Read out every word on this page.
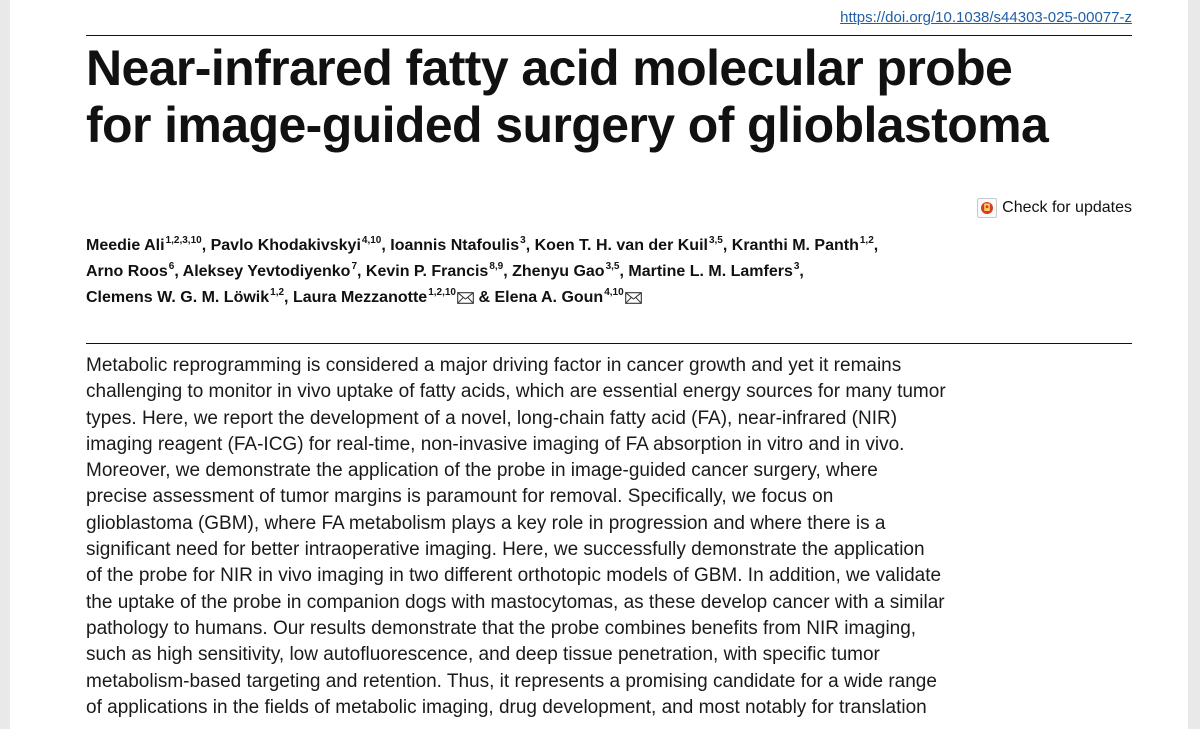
https://doi.org/10.1038/s44303-025-00077-z
Near-infrared fatty acid molecular probe
for image-guided surgery of glioblastoma
Check for updates
Meedie Ali$^{1,2,3,10}$, Pavlo Khodakivskyi$^{4,10}$, Ioannis Ntafoulis$^3$, Koen T. H. van der Kuil$^{3,5}$, Kranthi M. Panth$^{1,2}$,
Arno Roos$^6$, Aleksey Yevtodiyenko$^7$, Kevin P. Francis$^{8,9}$, Zhenyu Gao$^{3,5}$, Martine L. M. Lamfers$^3$,
Clemens W. G. M. Löwik$^{1,2}$, Laura Mezzanotte$^{1,2,10}$ & Elena A. Goun$^{4,10}$
Metabolic reprogramming is considered a major driving factor in cancer growth and yet it remains
challenging to monitor in vivo uptake of fatty acids, which are essential energy sources for many tumor
types. Here, we report the development of a novel, long-chain fatty acid (FA), near-infrared (NIR)
imaging reagent (FA-ICG) for real-time, non-invasive imaging of FA absorption in vitro and in vivo.
Moreover, we demonstrate the application of the probe in image-guided cancer surgery, where
precise assessment of tumor margins is paramount for removal. Specifically, we focus on
glioblastoma (GBM), where FA metabolism plays a key role in progression and where there is a
significant need for better intraoperative imaging. Here, we successfully demonstrate the application
of the probe for NIR in vivo imaging in two different orthotopic models of GBM. In addition, we validate
the uptake of the probe in companion dogs with mastocytomas, as these develop cancer with a similar
pathology to humans. Our results demonstrate that the probe combines benefits from NIR imaging,
such as high sensitivity, low autofluorescence, and deep tissue penetration, with specific tumor
metabolism-based targeting and retention. Thus, it represents a promising candidate for a wide range
of applications in the fields of metabolic imaging, drug development, and most notably for translation
